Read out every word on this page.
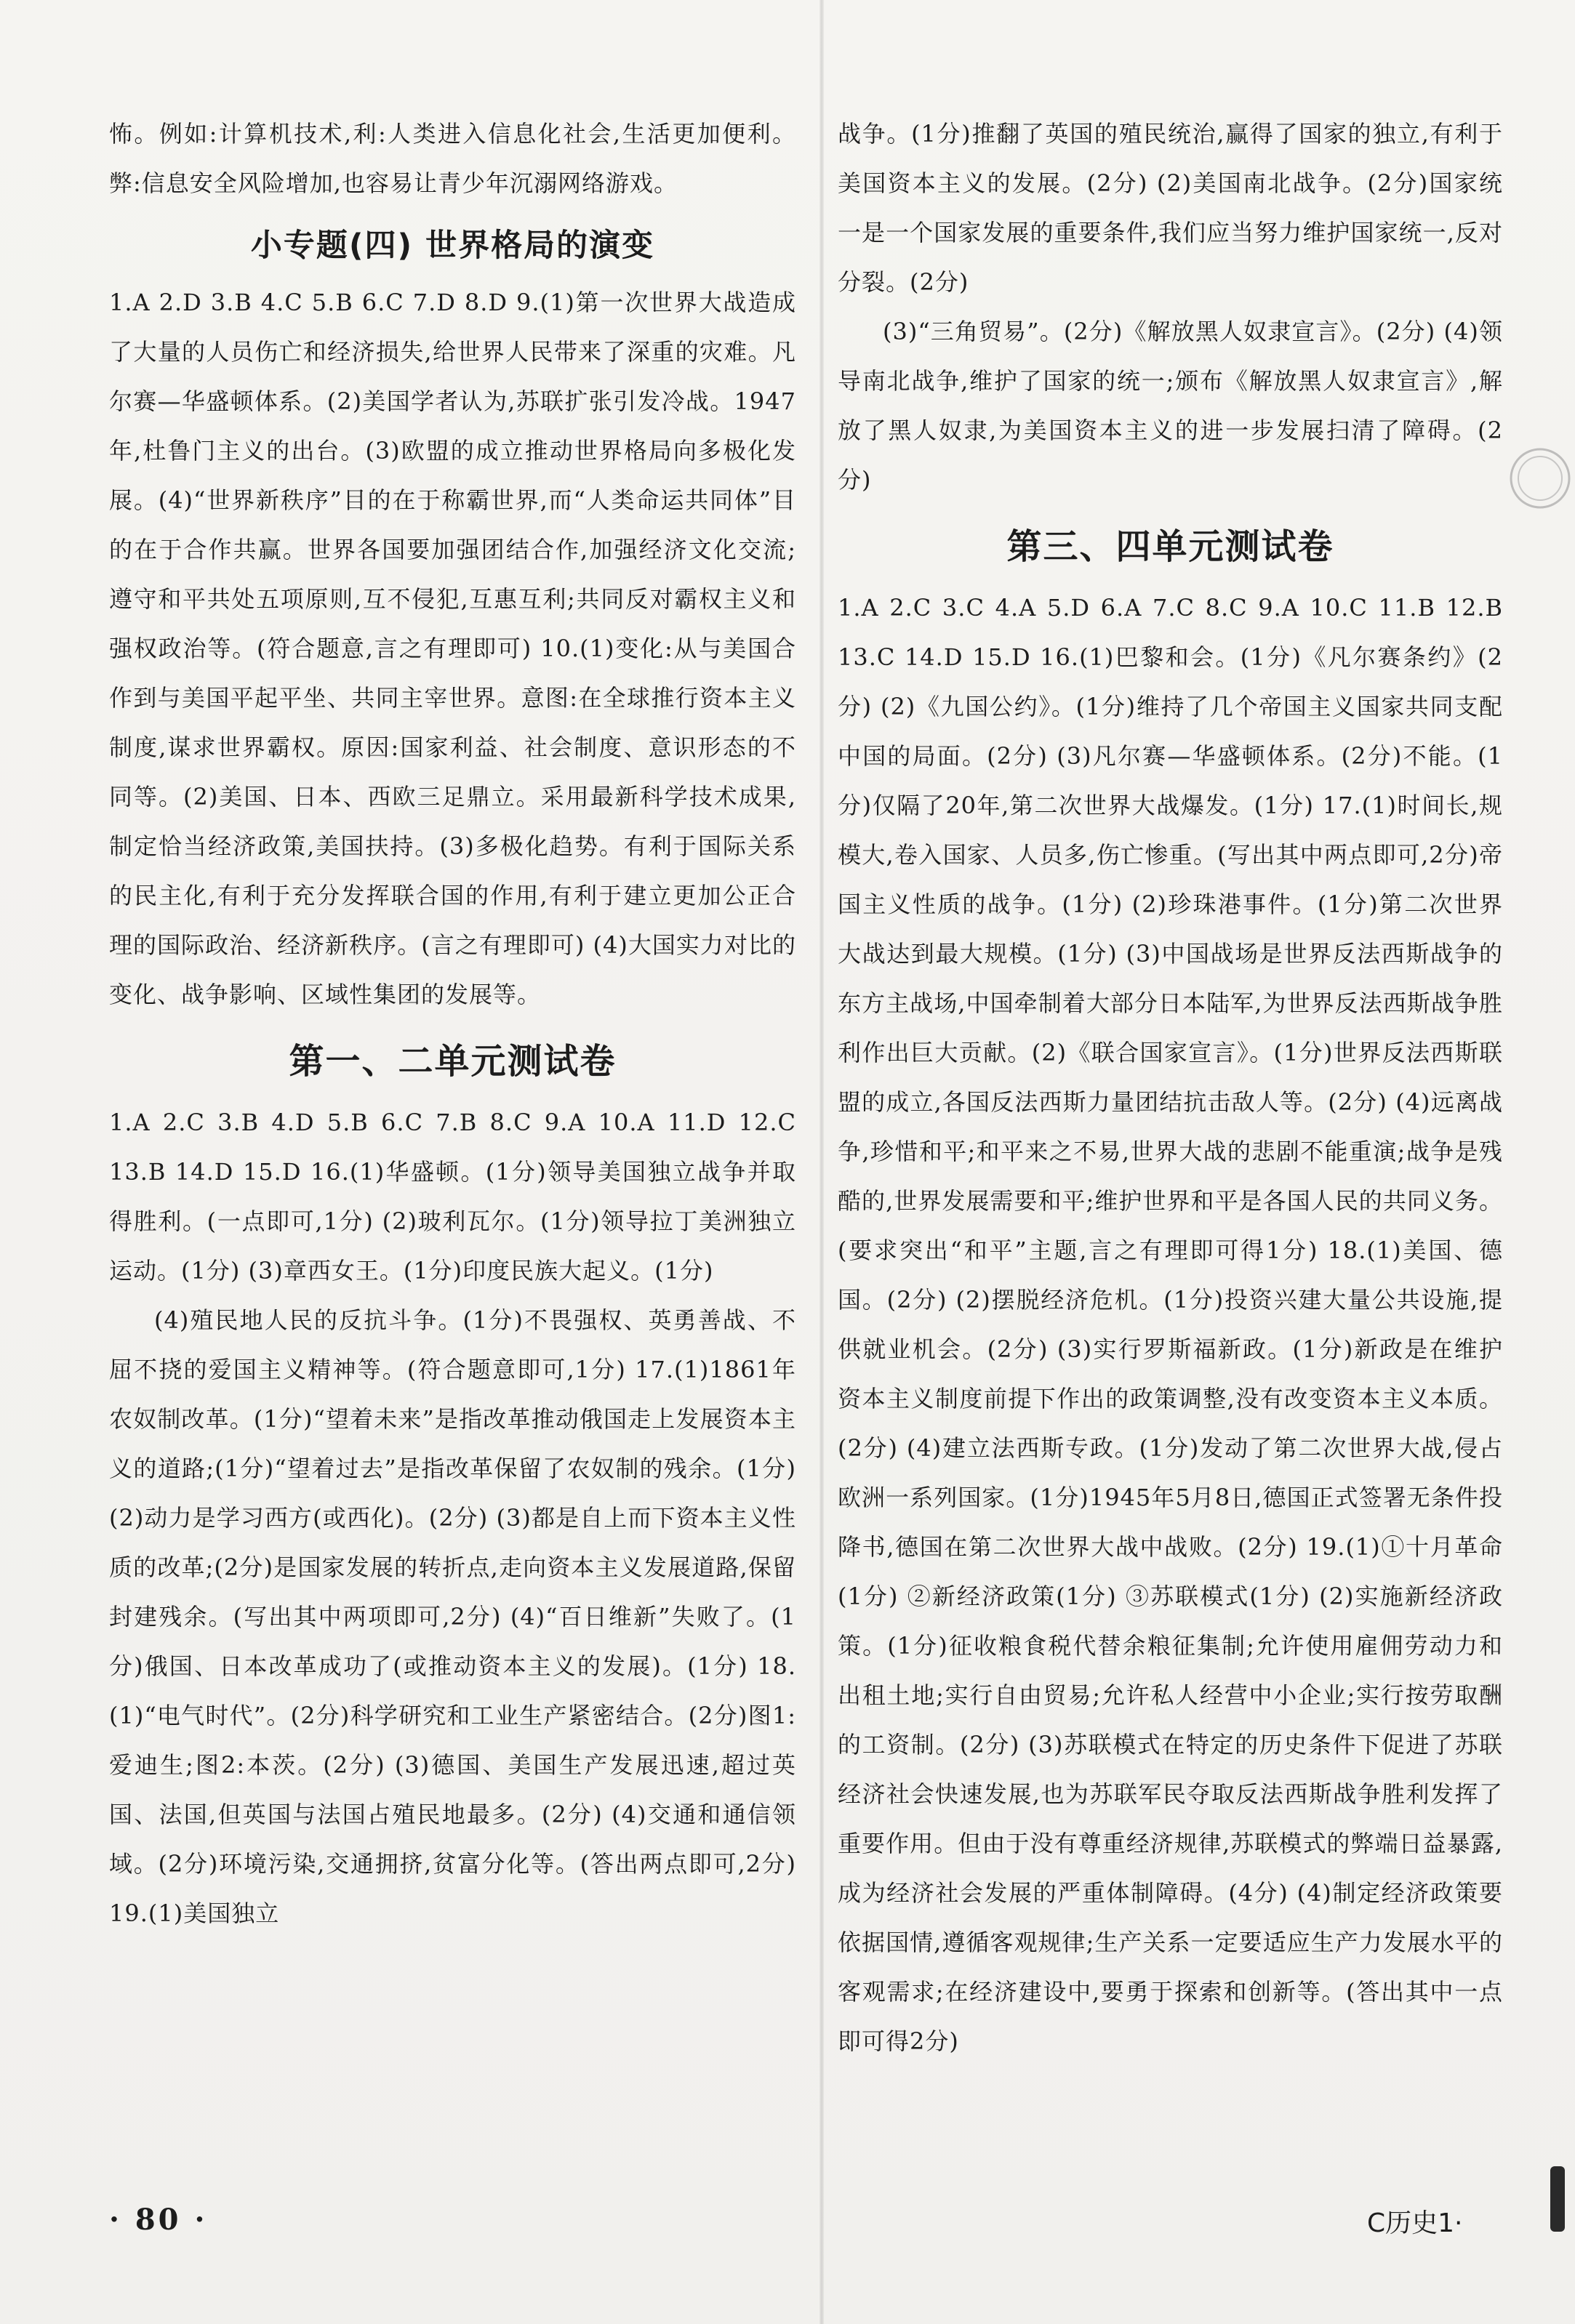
怖。例如:计算机技术,利:人类进入信息化社会,生活更加便利。弊:信息安全风险增加,也容易让青少年沉溺网络游戏。

小专题(四) 世界格局的演变

1.A 2.D 3.B 4.C 5.B 6.C 7.D 8.D 9.(1)第一次世界大战造成了大量的人员伤亡和经济损失,给世界人民带来了深重的灾难。凡尔赛—华盛顿体系。(2)美国学者认为,苏联扩张引发冷战。1947年,杜鲁门主义的出台。(3)欧盟的成立推动世界格局向多极化发展。(4)“世界新秩序”目的在于称霸世界,而“人类命运共同体”目的在于合作共赢。世界各国要加强团结合作,加强经济文化交流;遵守和平共处五项原则,互不侵犯,互惠互利;共同反对霸权主义和强权政治等。(符合题意,言之有理即可) 10.(1)变化:从与美国合作到与美国平起平坐、共同主宰世界。意图:在全球推行资本主义制度,谋求世界霸权。原因:国家利益、社会制度、意识形态的不同等。(2)美国、日本、西欧三足鼎立。采用最新科学技术成果,制定恰当经济政策,美国扶持。(3)多极化趋势。有利于国际关系的民主化,有利于充分发挥联合国的作用,有利于建立更加公正合理的国际政治、经济新秩序。(言之有理即可) (4)大国实力对比的变化、战争影响、区域性集团的发展等。

第一、二单元测试卷

1.A 2.C 3.B 4.D 5.B 6.C 7.B 8.C 9.A 10.A 11.D 12.C 13.B 14.D 15.D 16.(1)华盛顿。(1分)领导美国独立战争并取得胜利。(一点即可,1分) (2)玻利瓦尔。(1分)领导拉丁美洲独立运动。(1分) (3)章西女王。(1分)印度民族大起义。(1分)

(4)殖民地人民的反抗斗争。(1分)不畏强权、英勇善战、不屈不挠的爱国主义精神等。(符合题意即可,1分) 17.(1)1861年农奴制改革。(1分)“望着未来”是指改革推动俄国走上发展资本主义的道路;(1分)“望着过去”是指改革保留了农奴制的残余。(1分) (2)动力是学习西方(或西化)。(2分) (3)都是自上而下资本主义性质的改革;(2分)是国家发展的转折点,走向资本主义发展道路,保留封建残余。(写出其中两项即可,2分) (4)“百日维新”失败了。(1分)俄国、日本改革成功了(或推动资本主义的发展)。(1分) 18.(1)“电气时代”。(2分)科学研究和工业生产紧密结合。(2分)图1:爱迪生;图2:本茨。(2分) (3)德国、美国生产发展迅速,超过英国、法国,但英国与法国占殖民地最多。(2分) (4)交通和通信领域。(2分)环境污染,交通拥挤,贫富分化等。(答出两点即可,2分) 19.(1)美国独立

战争。(1分)推翻了英国的殖民统治,赢得了国家的独立,有利于美国资本主义的发展。(2分) (2)美国南北战争。(2分)国家统一是一个国家发展的重要条件,我们应当努力维护国家统一,反对分裂。(2分)

(3)“三角贸易”。(2分)《解放黑人奴隶宣言》。(2分) (4)领导南北战争,维护了国家的统一;颁布《解放黑人奴隶宣言》,解放了黑人奴隶,为美国资本主义的进一步发展扫清了障碍。(2分)

第三、四单元测试卷

1.A 2.C 3.C 4.A 5.D 6.A 7.C 8.C 9.A 10.C 11.B 12.B 13.C 14.D 15.D 16.(1)巴黎和会。(1分)《凡尔赛条约》(2分) (2)《九国公约》。(1分)维持了几个帝国主义国家共同支配中国的局面。(2分) (3)凡尔赛—华盛顿体系。(2分)不能。(1分)仅隔了20年,第二次世界大战爆发。(1分) 17.(1)时间长,规模大,卷入国家、人员多,伤亡惨重。(写出其中两点即可,2分)帝国主义性质的战争。(1分) (2)珍珠港事件。(1分)第二次世界大战达到最大规模。(1分) (3)中国战场是世界反法西斯战争的东方主战场,中国牵制着大部分日本陆军,为世界反法西斯战争胜利作出巨大贡献。(2)《联合国家宣言》。(1分)世界反法西斯联盟的成立,各国反法西斯力量团结抗击敌人等。(2分) (4)远离战争,珍惜和平;和平来之不易,世界大战的悲剧不能重演;战争是残酷的,世界发展需要和平;维护世界和平是各国人民的共同义务。(要求突出“和平”主题,言之有理即可得1分) 18.(1)美国、德国。(2分) (2)摆脱经济危机。(1分)投资兴建大量公共设施,提供就业机会。(2分) (3)实行罗斯福新政。(1分)新政是在维护资本主义制度前提下作出的政策调整,没有改变资本主义本质。(2分) (4)建立法西斯专政。(1分)发动了第二次世界大战,侵占欧洲一系列国家。(1分)1945年5月8日,德国正式签署无条件投降书,德国在第二次世界大战中战败。(2分) 19.(1)①十月革命(1分) ②新经济政策(1分) ③苏联模式(1分) (2)实施新经济政策。(1分)征收粮食税代替余粮征集制;允许使用雇佣劳动力和出租土地;实行自由贸易;允许私人经营中小企业;实行按劳取酬的工资制。(2分) (3)苏联模式在特定的历史条件下促进了苏联经济社会快速发展,也为苏联军民夺取反法西斯战争胜利发挥了重要作用。但由于没有尊重经济规律,苏联模式的弊端日益暴露,成为经济社会发展的严重体制障碍。(4分) (4)制定经济政策要依据国情,遵循客观规律;生产关系一定要适应生产力发展水平的客观需求;在经济建设中,要勇于探索和创新等。(答出其中一点即可得2分)

· 80 ·	C历史1·
